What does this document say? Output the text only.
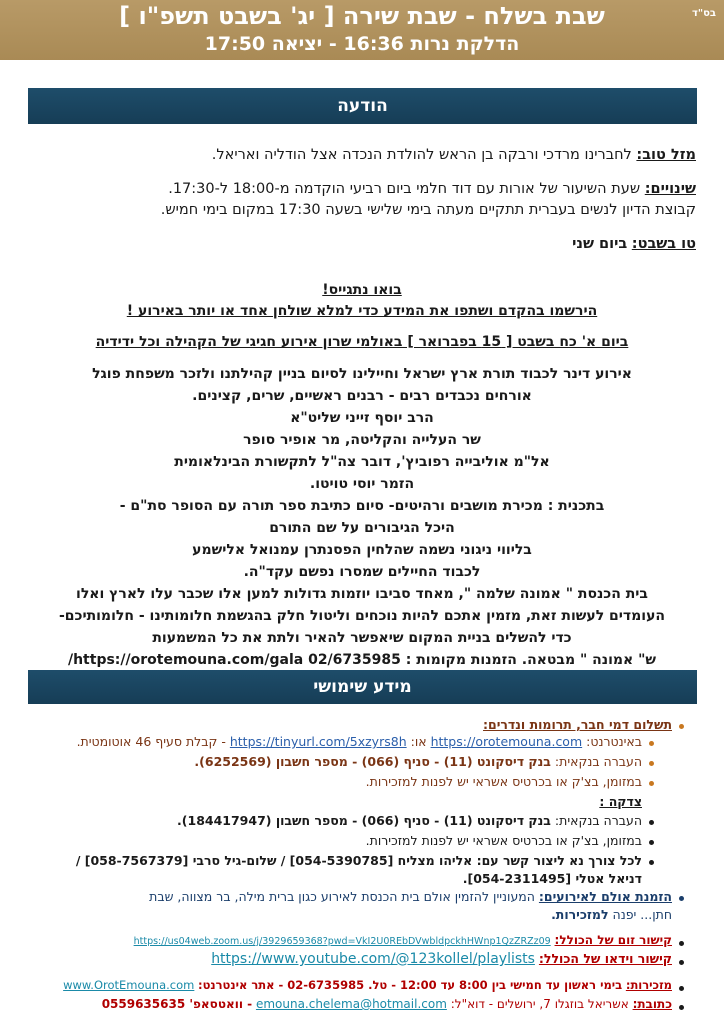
בס"ד
שבת בשלח - שבת שירה [ יג' בשבט תשפ"ו ]
הדלקת נרות 16:36 - יציאה 17:50
הודעה
מזל טוב: לחברינו מרדכי ורבקה בן הראש להולדת הנכדה אצל הודליה ואריאל.
שינויים: שעת השיעור של אורות עם דוד חלמי ביום רביעי הוקדמה מ-18:00 ל-17:30.
קבוצת הדיון לנשים בעברית תתקיים מעתה בימי שלישי בשעה 17:30 במקום בימי חמיש.
טו בשבט: ביום שני
בואו נתגייס!
הירשמו בהקדם ושתפו את המידע כדי למלא שולחן אחד או יותר באירוע !
ביום א' כח בשבט [ 15 בפברואר ] באולמי שרון אירוע חגיגי של הקהילה וכל ידידיה
אירוע דינר לכבוד תורת ארץ ישראל וחיילינו לסיום בניין קהילתנו ולזכר משפחת פוגל
אורחים נכבדים רבים - רבנים ראשיים, שרים, קצינים.
הרב יוסף זייני שליט"א
שר העלייה והקליטה, מר אופיר סופר
אל"מ אוליבייה רפוביץ', דובר צה"ל לתקשורת הבינלאומית
הזמר יוסי טויטו.
בתכנית : מכירת מושבים ורהיטים- סיום כתיבת ספר תורה עם הסופר סת"ם -
היכל הגיבורים על שם התורם
בליווי ניגוני נשמה שהלחין הפסנתרן עמנואל אלישמע
לכבוד החיילים שמסרו נפשם עקד"ה.
בית הכנסת " אמונה שלמה ", מאחד סביבו יוזמות גדולות למען אלו שכבר עלו לארץ ואלו
העומדים לעשות זאת, מזמין אתכם להיות נוכחים וליטול חלק בהגשמת חלומותינו - חלומותיכם-
כדי להשלים בניית המקום שיאפשר להאיר ולתת את כל המשמעות
ש" אמונה " מבטאה. הזמנות מקומות : 02/6735985 https://orotemouna.com/gala/
מידע שימושי
תשלום דמי חבר, תרומות ונדרים:
באינטרנט: https://orotemouna.com או: https://tinyurl.com/5xzyrs8h - קבלת סעיף 46 אוטומטית.
העברה בנקאית: בנק דיסקונט (11) - סניף (066) - מספר חשבון (6252569).
במזומן, בצ'ק או בכרטיס אשראי יש לפנות למזכירות.
צדקה :
העברה בנקאית: בנק דיסקונט (11) - סניף (066) - מספר חשבון (184417947).
במזומן, בצ'ק או בכרטיס אשראי יש לפנות למזכירות.
לכל צורך נא ליצור קשר עם: אליהו מצליח [054-5390785] / שלום-גיל סרבי [058-7567379] /
דניאל אטלי [054-2311495].
הזמנת אולם לאירועים: המעוניין להזמין אולם בית הכנסת לאירוע כגון ברית מילה, בר מצווה, שבת
חתן... יפנה למזכירות.
קישור זום של הכולל: https://us04web.zoom.us/j/3929659368?pwd=VkI2U0REbDVwbldpckhHWnp1QzZRZz09
קישור וידאו של הכולל: https://www.youtube.com/@123kollel/playlists
מזכירות: בימי ראשון עד חמישי בין 8:00 עד 12:00 - טל. 02-6735985 - אתר אינטרנט: www.OrotEmouna.com
כתובת: אשריאל בוזגלו 7, ירושלים - דוא"ל: emouna.chelema@hotmail.com - וואטסאפ' 0559635635
